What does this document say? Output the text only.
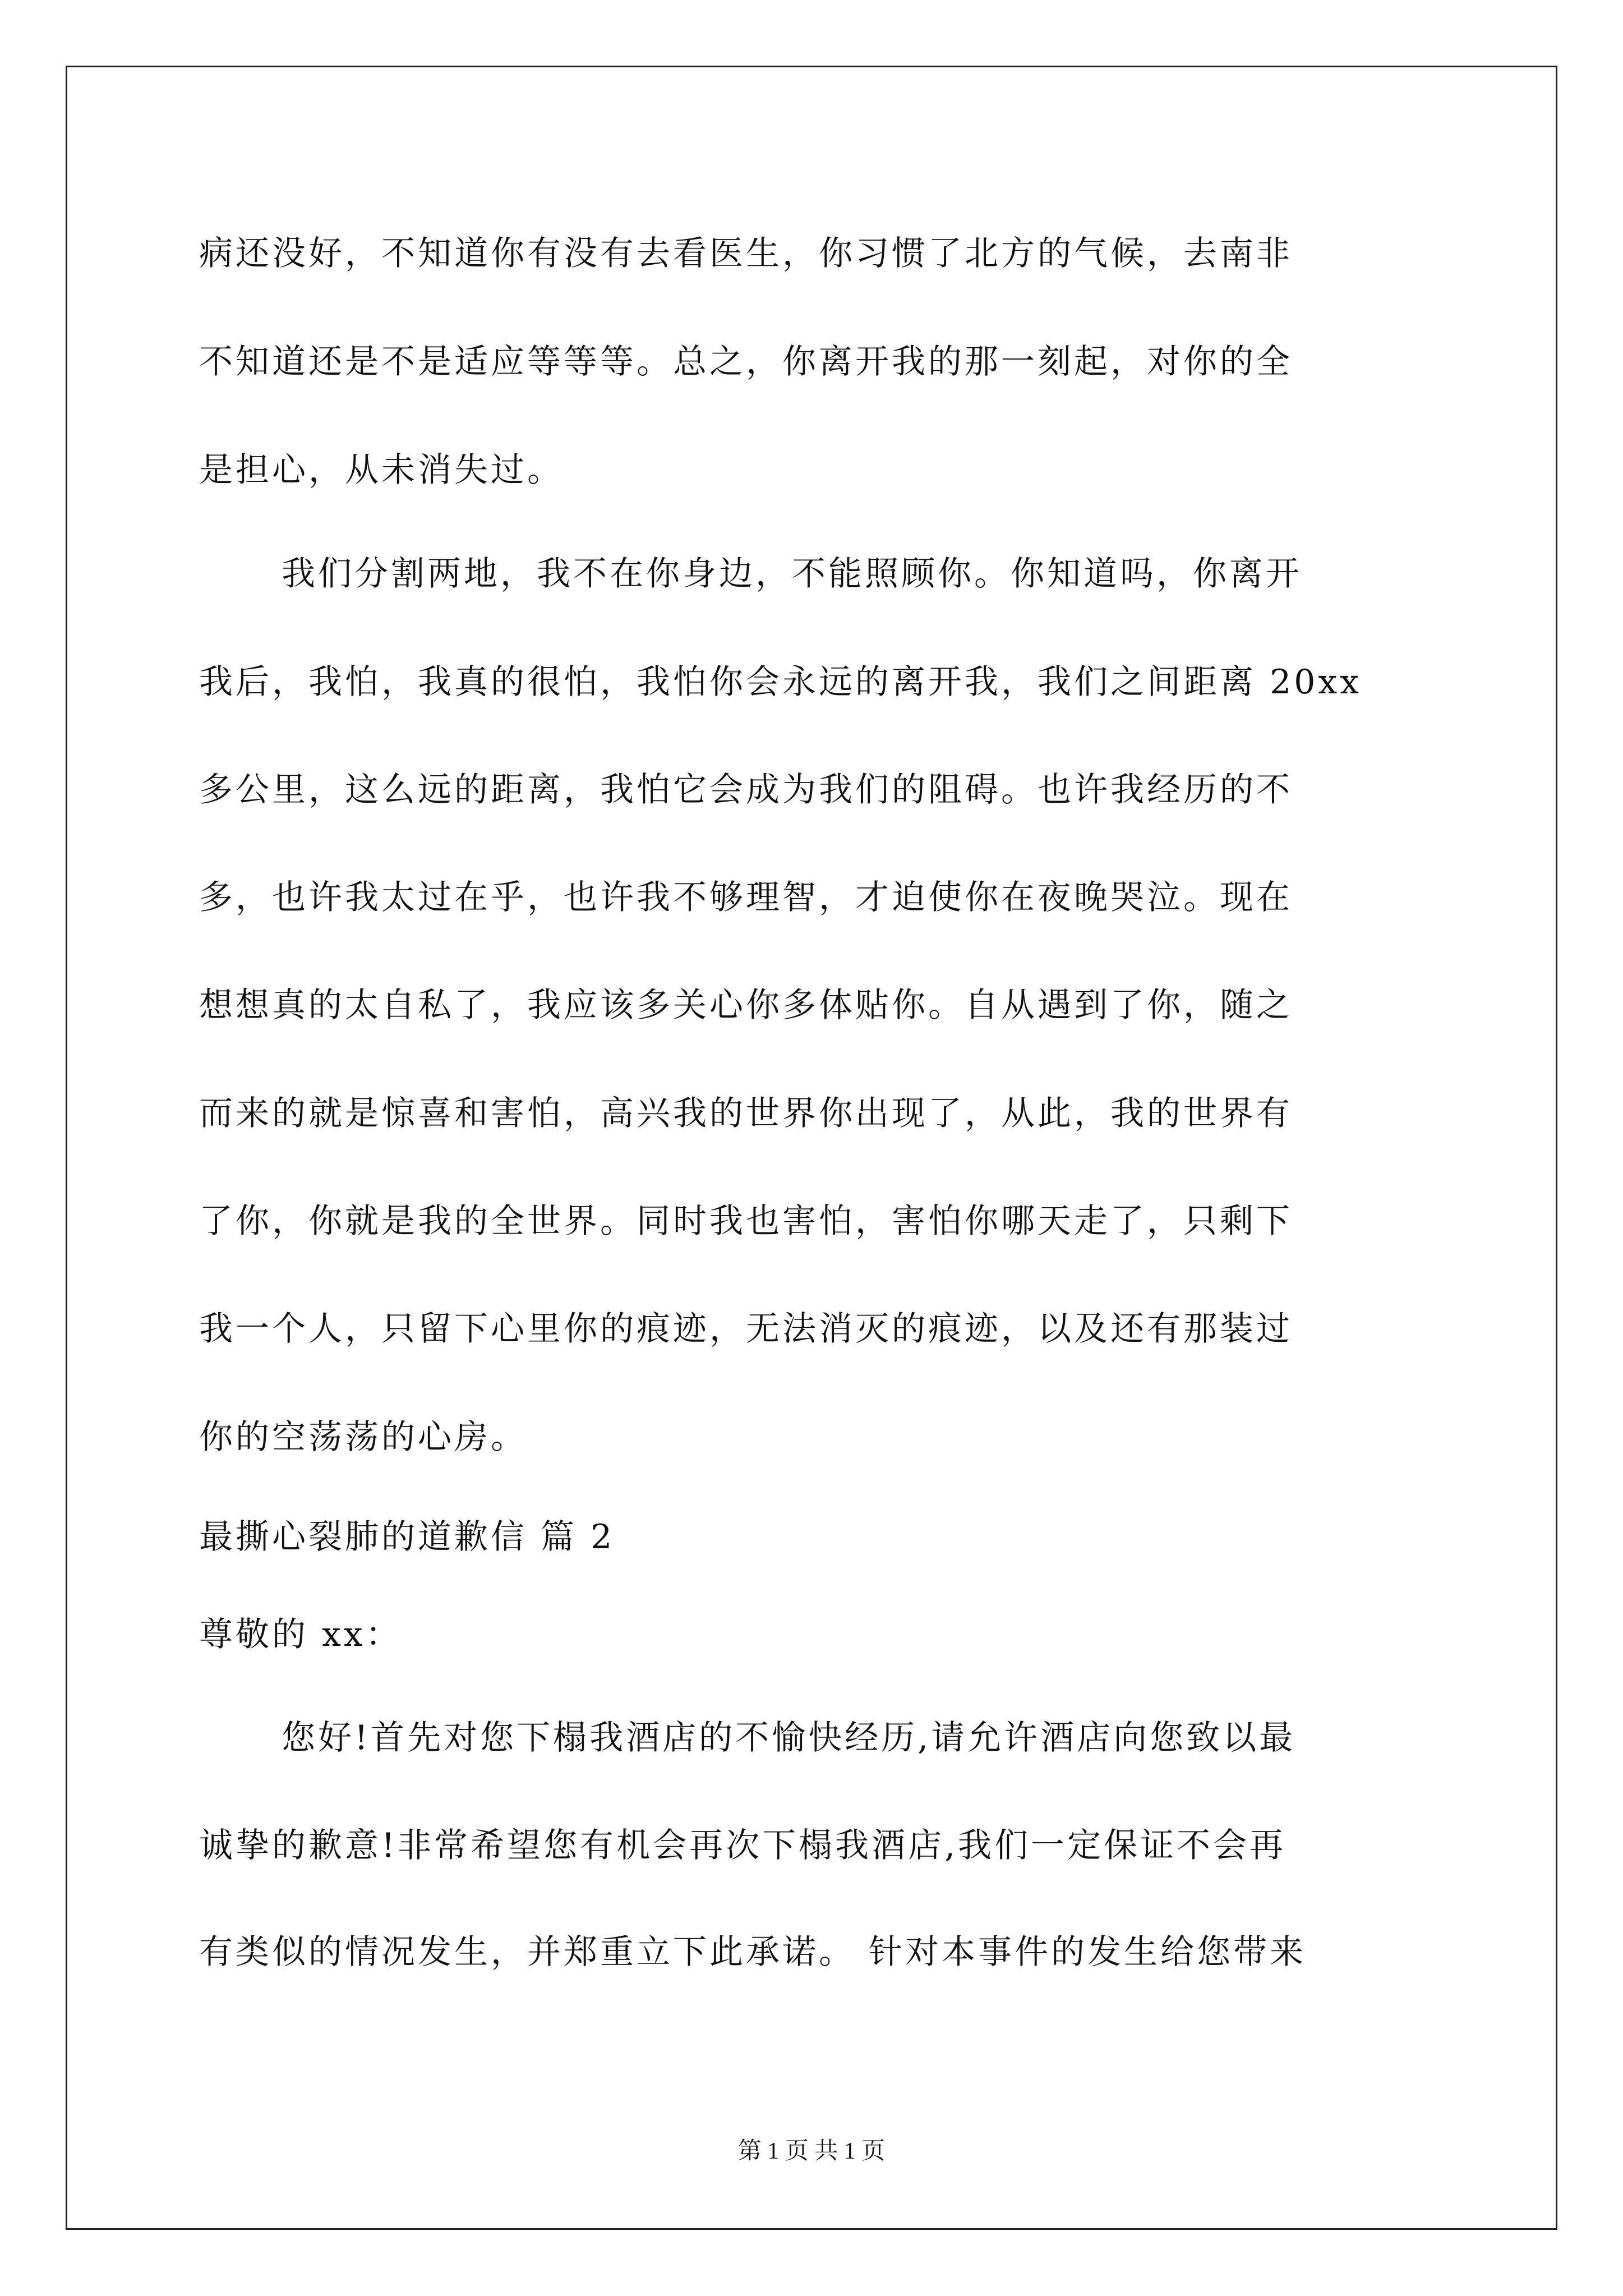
病还没好，不知道你有没有去看医生，你习惯了北方的气候，去南非
不知道还是不是适应等等等。总之，你离开我的那一刻起，对你的全
是担心，从未消失过。
我们分割两地，我不在你身边，不能照顾你。你知道吗，你离开
我后，我怕，我真的很怕，我怕你会永远的离开我，我们之间距离 20xx
多公里，这么远的距离，我怕它会成为我们的阻碍。也许我经历的不
多，也许我太过在乎，也许我不够理智，才迫使你在夜晚哭泣。现在
想想真的太自私了，我应该多关心你多体贴你。自从遇到了你，随之
而来的就是惊喜和害怕，高兴我的世界你出现了，从此，我的世界有
了你，你就是我的全世界。同时我也害怕，害怕你哪天走了，只剩下
我一个人，只留下心里你的痕迹，无法消灭的痕迹，以及还有那装过
你的空荡荡的心房。
最撕心裂肺的道歉信 篇 2
尊敬的 xx：
您好!首先对您下榻我酒店的不愉快经历,请允许酒店向您致以最
诚挚的歉意!非常希望您有机会再次下榻我酒店,我们一定保证不会再
有类似的情况发生，并郑重立下此承诺。 针对本事件的发生给您带来
第 1 页 共 1 页
